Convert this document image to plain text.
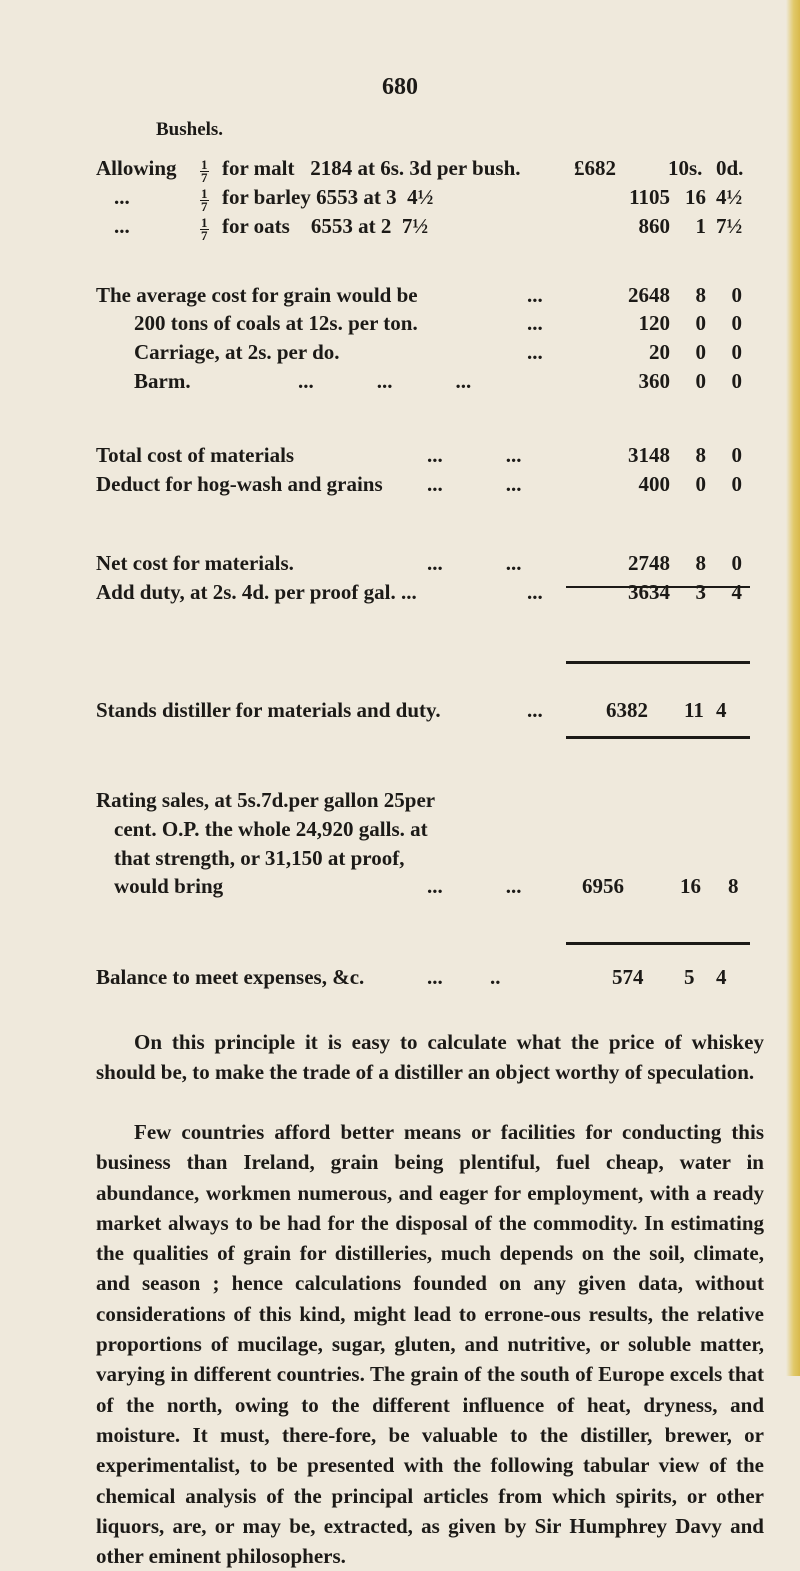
680
Bushels.
On this principle it is easy to calculate what the price of whiskey should be, to make the trade of a distiller an object worthy of speculation.
Few countries afford better means or facilities for conducting this business than Ireland, grain being plentiful, fuel cheap, water in abundance, workmen numerous, and eager for employment, with a ready market always to be had for the disposal of the commodity. In estimating the qualities of grain for distilleries, much depends on the soil, climate, and season ; hence calculations founded on any given data, without considerations of this kind, might lead to errone-ous results, the relative proportions of mucilage, sugar, gluten, and nutritive, or soluble matter, varying in different countries. The grain of the south of Europe excels that of the north, owing to the different influence of heat, dryness, and moisture. It must, there-fore, be valuable to the distiller, brewer, or experimentalist, to be presented with the following tabular view of the chemical analysis of the principal articles from which spirits, or other liquors, are, or may be, extracted, as given by Sir Humphrey Davy and other eminent philosophers.
Allowing $\frac{1}{7}$ for malt   2184 at 6s. 3d per bush.	£682 10s. 0d.
...	$\frac{1}{7}$ for barley 6553 at 3  4½	1105 16 4½
...	$\frac{1}{7}$ for oats    6553 at 2  7½	860	1 7½
The average cost for grain would be	...	2648	8	0
200 tons of coals at 12s. per ton.	...	120	0	0
Carriage, at 2s. per do.	...	20	0	0
Barm.	...            ...            ...	360	0	0
Total cost of materials	...            ...	3148	8	0
Deduct for hog-wash and grains ...            ...	400	0	0
Net cost for materials.	...            ...	2748	8	0
Add duty, at 2s. 4d. per proof gal. ...	...	3634	3	4
Stands distiller for materials and duty.	...	6382 11 4
Rating sales, at 5s.7d.per gallon 25per
cent. O.P. the whole 24,920 galls. at
that strength, or 31,150 at proof,
would bring	...            ...	6956	16 8
Balance to meet expenses, &c.	...         ..	574 5 4
